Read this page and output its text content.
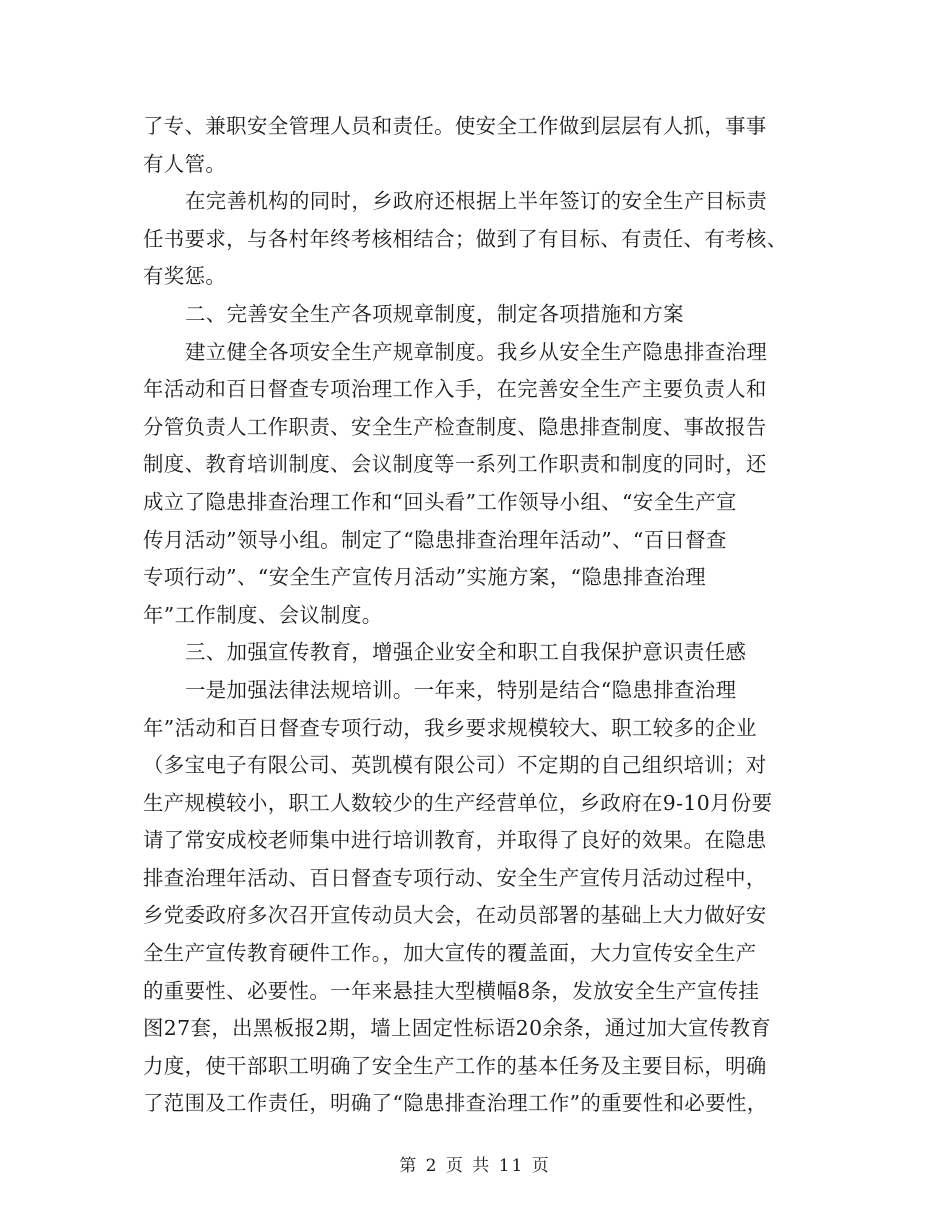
了专、兼职安全管理人员和责任。使安全工作做到层层有人抓，事事
有人管。
在完善机构的同时，乡政府还根据上半年签订的安全生产目标责
任书要求，与各村年终考核相结合；做到了有目标、有责任、有考核、
有奖惩。
二、完善安全生产各项规章制度，制定各项措施和方案
建立健全各项安全生产规章制度。我乡从安全生产隐患排查治理
年活动和百日督查专项治理工作入手，在完善安全生产主要负责人和
分管负责人工作职责、安全生产检查制度、隐患排查制度、事故报告
制度、教育培训制度、会议制度等一系列工作职责和制度的同时，还
成立了隐患排查治理工作和“回头看”工作领导小组、“安全生产宣
传月活动”领导小组。制定了“隐患排查治理年活动”、“百日督查
专项行动”、“安全生产宣传月活动”实施方案，“隐患排查治理
年”工作制度、会议制度。
三、加强宣传教育，增强企业安全和职工自我保护意识责任感
一是加强法律法规培训。一年来，特别是结合“隐患排查治理
年”活动和百日督查专项行动，我乡要求规模较大、职工较多的企业
（多宝电子有限公司、英凯模有限公司）不定期的自己组织培训；对
生产规模较小，职工人数较少的生产经营单位，乡政府在9-10月份要
请了常安成校老师集中进行培训教育，并取得了良好的效果。在隐患
排查治理年活动、百日督查专项行动、安全生产宣传月活动过程中，
乡党委政府多次召开宣传动员大会，在动员部署的基础上大力做好安
全生产宣传教育硬件工作。，加大宣传的覆盖面，大力宣传安全生产
的重要性、必要性。一年来悬挂大型横幅8条，发放安全生产宣传挂
图27套，出黑板报2期，墙上固定性标语20余条，通过加大宣传教育
力度，使干部职工明确了安全生产工作的基本任务及主要目标，明确
了范围及工作责任，明确了“隐患排查治理工作”的重要性和必要性，
第 2 页 共 11 页
